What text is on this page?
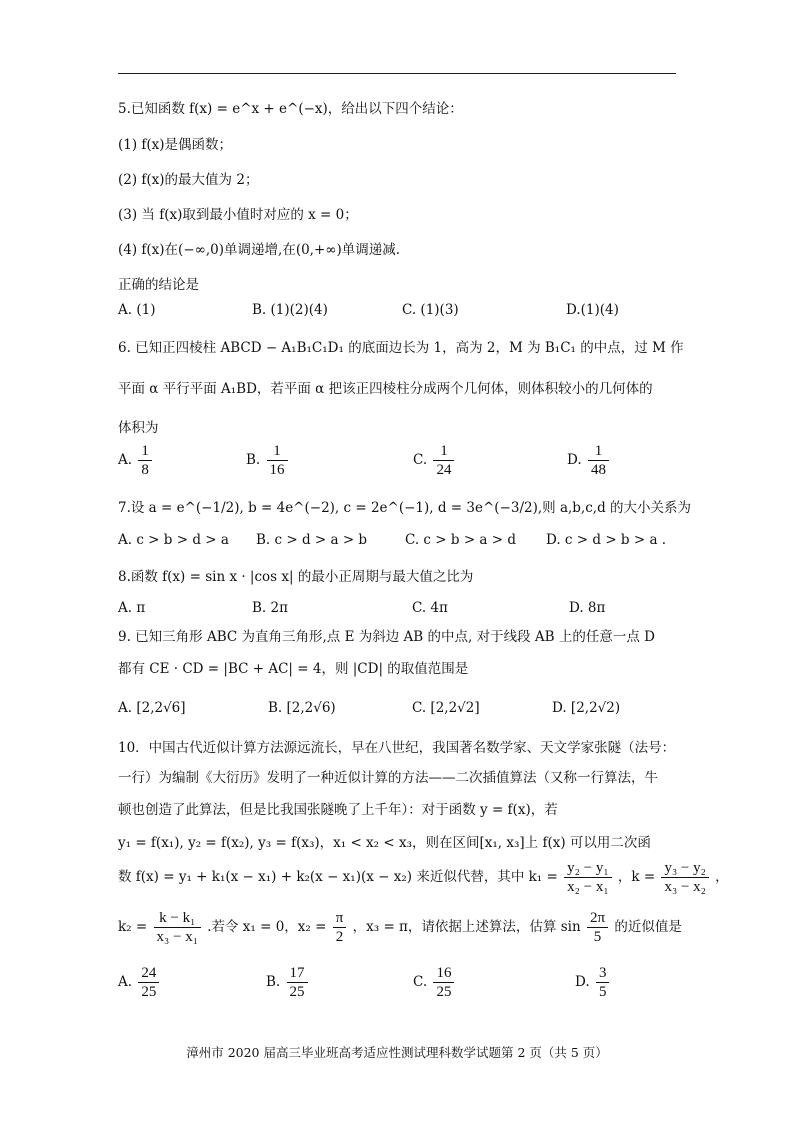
5.已知函数 f(x) = e^x + e^(−x)，给出以下四个结论：
(1) f(x)是偶函数；
(2) f(x)的最大值为 2；
(3) 当 f(x)取到最小值时对应的 x = 0；
(4) f(x)在(−∞,0)单调递增,在(0,+∞)单调递减.
正确的结论是
A. (1)	B. (1)(2)(4)	C. (1)(3)	D.(1)(4)
6. 已知正四棱柱 ABCD − A₁B₁C₁D₁ 的底面边长为 1，高为 2，M 为 B₁C₁ 的中点，过 M 作
平面 α 平行平面 A₁BD，若平面 α 把该正四棱柱分成两个几何体，则体积较小的几何体的
体积为
A. $\frac{1}{8}$	B. $\frac{1}{16}$	C. $\frac{1}{24}$	D. $\frac{1}{48}$
7.设 a = e^(−1/2), b = 4e^(−2), c = 2e^(−1), d = 3e^(−3/2),则 a,b,c,d 的大小关系为
A. c > b > d > a B. c > d > a > b	C. c > b > a > d D. c > d > b > a .
8.函数 f(x) = sin x · |cos x| 的最小正周期与最大值之比为
A. π	B. 2π	C. 4π	D. 8π
9. 已知三角形 ABC 为直角三角形,点 E 为斜边 AB 的中点, 对于线段 AB 上的任意一点 D
都有 CE · CD = |BC + AC| = 4，则 |CD| 的取值范围是
A. [2,2√6]	B. [2,2√6)	C. [2,2√2]	D. [2,2√2)
10．中国古代近似计算方法源远流长，早在八世纪，我国著名数学家、天文学家张隧（法号：
一行）为编制《大衍历》发明了一种近似计算的方法——二次插值算法（又称一行算法，牛
顿也创造了此算法，但是比我国张隧晚了上千年）：对于函数 y = f(x)，若
y₁ = f(x₁), y₂ = f(x₂), y₃ = f(x₃)，x₁ < x₂ < x₃，则在区间[x₁, x₃]上 f(x) 可以用二次函
数 f(x) = y₁ + k₁(x − x₁) + k₂(x − x₁)(x − x₂) 来近似代替，其中 $k_1 = \frac{\text{y₂ − y₁}}{\text{x₂ − x₁}}$ ，$k = \frac{\text{y₃ − y₂}}{\text{x₃ − x₂}}$ ，
$k_2 = \frac{\text{k − k₁}}{\text{x₃ − x₁}}$ .若令 x₁ = 0，$x_2 = \frac{\pi}{2}$ ，x₃ = π，请依据上述算法，估算 $\sin \frac{2\pi}{5}$ 的近似值是
A. $\frac{24}{25}$	B. $\frac{17}{25}$	C. $\frac{16}{25}$	D. $\frac{3}{5}$
漳州市 2020 届高三毕业班高考适应性测试理科数学试题第 2 页（共 5 页）
